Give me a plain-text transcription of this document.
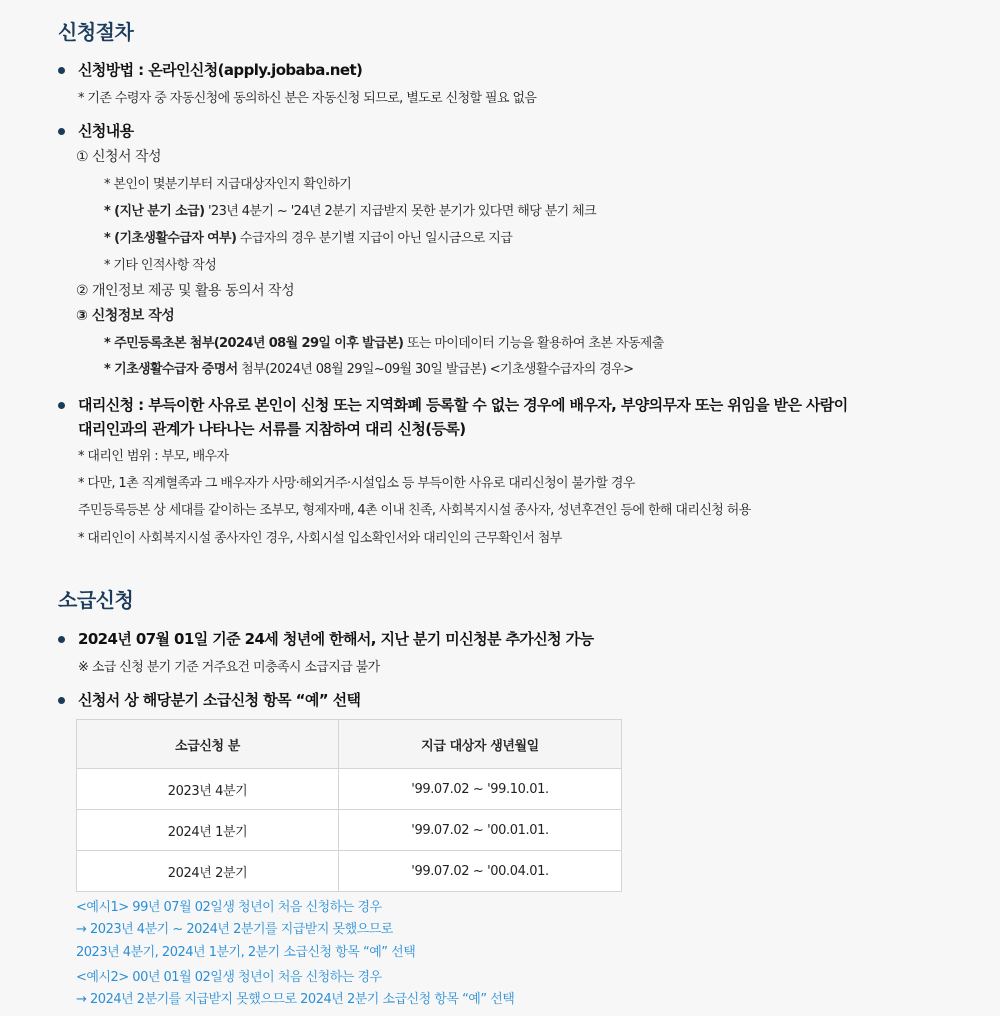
신청절차
신청방법 : 온라인신청(apply.jobaba.net)
* 기존 수령자 중 자동신청에 동의하신 분은 자동신청 되므로, 별도로 신청할 필요 없음
신청내용
① 신청서 작성
* 본인이 몇분기부터 지급대상자인지 확인하기
* (지난 분기 소급) '23년 4분기 ~ '24년 2분기 지급받지 못한 분기가 있다면 해당 분기 체크
* (기초생활수급자 여부) 수급자의 경우 분기별 지급이 아닌 일시금으로 지급
* 기타 인적사항 작성
② 개인정보 제공 및 활용 동의서 작성
③ 신청정보 작성
* 주민등록초본 첨부(2024년 08월 29일 이후 발급본) 또는 마이데이터 기능을 활용하여 초본 자동제출
* 기초생활수급자 증명서 첨부(2024년 08월 29일~09월 30일 발급본) <기초생활수급자의 경우>
대리신청 : 부득이한 사유로 본인이 신청 또는 지역화폐 등록할 수 없는 경우에 배우자, 부양의무자 또는 위임을 받은 사람이
대리인과의 관계가 나타나는 서류를 지참하여 대리 신청(등록)
* 대리인 범위 : 부모, 배우자
* 다만, 1촌 직계혈족과 그 배우자가 사망·해외거주·시설입소 등 부득이한 사유로 대리신청이 불가할 경우
주민등록등본 상 세대를 같이하는 조부모, 형제자매, 4촌 이내 친족, 사회복지시설 종사자, 성년후견인 등에 한해 대리신청 허용
* 대리인이 사회복지시설 종사자인 경우, 사회시설 입소확인서와 대리인의 근무확인서 첨부
소급신청
2024년 07월 01일 기준 24세 청년에 한해서, 지난 분기 미신청분 추가신청 가능
※ 소급 신청 분기 기준 거주요건 미충족시 소급지급 불가
신청서 상 해당분기 소급신청 항목 “예” 선택
소급신청 분	지급 대상자 생년월일
2023년 4분기	'99.07.02 ~ '99.10.01.
2024년 1분기	'99.07.02 ~ '00.01.01.
2024년 2분기	'99.07.02 ~ '00.04.01.
<예시1> 99년 07월 02일생 청년이 처음 신청하는 경우
→ 2023년 4분기 ~ 2024년 2분기를 지급받지 못했으므로
2023년 4분기, 2024년 1분기, 2분기 소급신청 항목 “예” 선택
<예시2> 00년 01월 02일생 청년이 처음 신청하는 경우
→ 2024년 2분기를 지급받지 못했으므로 2024년 2분기 소급신청 항목 “예” 선택
